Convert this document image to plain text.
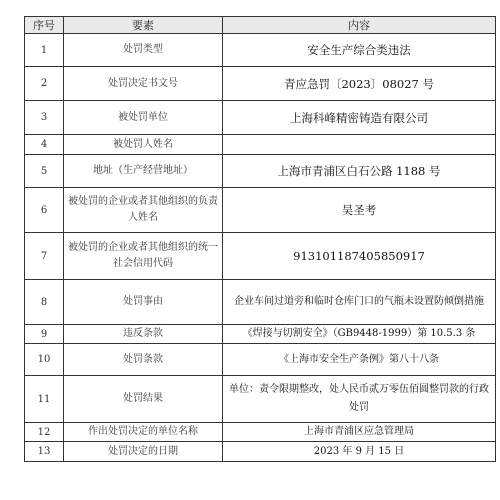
序号	要素	内容
1	处罚类型	安全生产综合类违法
2	处罚决定书文号	青应急罚〔2023〕08027 号
3	被处罚单位	上海科峰精密铸造有限公司
4	被处罚人姓名	
5	地址（生产经营地址）	上海市青浦区白石公路 1188 号
6	被处罚的企业或者其他组织的负责人姓名	吴圣考
7	被处罚的企业或者其他组织的统一社会信用代码	913101187405850917
8	处罚事由	企业车间过道旁和临时仓库门口的气瓶未设置防倾倒措施
9	违反条款	《焊接与切割安全》（GB9448-1999）第 10.5.3 条
10	处罚条款	《上海市安全生产条例》第八十八条
11	处罚结果	单位：责令限期整改，处人民币贰万零伍佰圆整罚款的行政处罚
12	作出处罚决定的单位名称	上海市青浦区应急管理局
13	处罚决定的日期	2023 年 9 月 15 日
